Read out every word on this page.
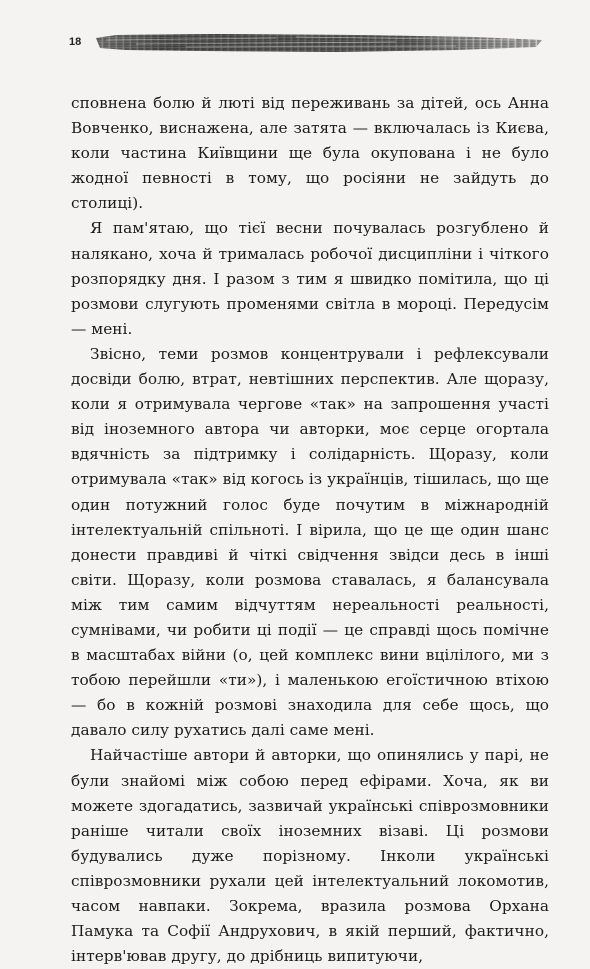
18

сповнена болю й люті від переживань за дітей, ось Анна Вовченко, виснажена, але затята — включалась із Києва, коли частина Київщини ще була окупована і не було жодної певності в тому, що росіяни не зайдуть до столиці).

Я пам'ятаю, що тієї весни почувалась розгублено й налякано, хоча й трималась робочої дисципліни і чіткого розпорядку дня. І разом з тим я швидко помітила, що ці розмови слугують променями світла в мороці. Передусім — мені.

Звісно, теми розмов концентрували і рефлексували досвіди болю, втрат, невтішних перспектив. Але щоразу, коли я отримувала чергове «так» на запрошення участі від іноземного автора чи авторки, моє серце огортала вдячність за підтримку і солідарність. Щоразу, коли отримувала «так» від когось із українців, тішилась, що ще один потужний голос буде почутим в міжнародній інтелектуальній спільноті. І вірила, що це ще один шанс донести правдиві й чіткі свідчення звідси десь в інші світи. Щоразу, коли розмова ставалась, я балансувала між тим самим відчуттям нереальності реальності, сумнівами, чи робити ці події — це справді щось помічне в масштабах війни (о, цей комплекс вини вцілілого, ми з тобою перейшли «ти»), і маленькою егоїстичною втіхою — бо в кожній розмові знаходила для себе щось, що давало силу рухатись далі саме мені.

Найчастіше автори й авторки, що опинялись у парі, не були знайомі між собою перед ефірами. Хоча, як ви можете здогадатись, зазвичай українські співрозмовники раніше читали своїх іноземних візаві. Ці розмови будувались дуже порізному. Інколи українські співрозмовники рухали цей інтелектуальний локомотив, часом навпаки. Зокрема, вразила розмова Орхана Памука та Софії Андрухович, в якій перший, фактично, інтерв'ював другу, до дрібниць випитуючи,
